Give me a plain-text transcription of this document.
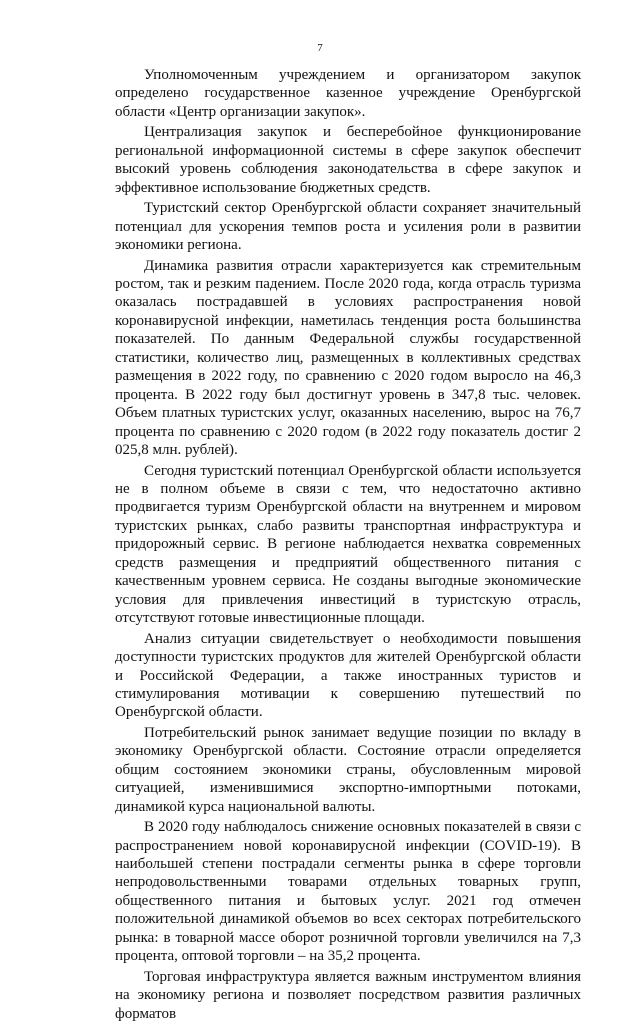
7

Уполномоченным учреждением и организатором закупок определено государственное казенное учреждение Оренбургской области «Центр организации закупок».

Централизация закупок и бесперебойное функционирование региональной информационной системы в сфере закупок обеспечит высокий уровень соблюдения законодательства в сфере закупок и эффективное использование бюджетных средств.

Туристский сектор Оренбургской области сохраняет значительный потенциал для ускорения темпов роста и усиления роли в развитии экономики региона.

Динамика развития отрасли характеризуется как стремительным ростом, так и резким падением. После 2020 года, когда отрасль туризма оказалась пострадавшей в условиях распространения новой коронавирусной инфекции, наметилась тенденция роста большинства показателей. По данным Федеральной службы государственной статистики, количество лиц, размещенных в коллективных средствах размещения в 2022 году, по сравнению с 2020 годом выросло на 46,3 процента. В 2022 году был достигнут уровень в 347,8 тыс. человек. Объем платных туристских услуг, оказанных населению, вырос на 76,7 процента по сравнению с 2020 годом (в 2022 году показатель достиг 2 025,8 млн. рублей).

Сегодня туристский потенциал Оренбургской области используется не в полном объеме в связи с тем, что недостаточно активно продвигается туризм Оренбургской области на внутреннем и мировом туристских рынках, слабо развиты транспортная инфраструктура и придорожный сервис. В регионе наблюдается нехватка современных средств размещения и предприятий общественного питания с качественным уровнем сервиса. Не созданы выгодные экономические условия для привлечения инвестиций в туристскую отрасль, отсутствуют готовые инвестиционные площади.

Анализ ситуации свидетельствует о необходимости повышения доступности туристских продуктов для жителей Оренбургской области и Российской Федерации, а также иностранных туристов и стимулирования мотивации к совершению путешествий по Оренбургской области.

Потребительский рынок занимает ведущие позиции по вкладу в экономику Оренбургской области. Состояние отрасли определяется общим состоянием экономики страны, обусловленным мировой ситуацией, изменившимися экспортно-импортными потоками, динамикой курса национальной валюты.

В 2020 году наблюдалось снижение основных показателей в связи с распространением новой коронавирусной инфекции (COVID-19). В наибольшей степени пострадали сегменты рынка в сфере торговли непродовольственными товарами отдельных товарных групп, общественного питания и бытовых услуг. 2021 год отмечен положительной динамикой объемов во всех секторах потребительского рынка: в товарной массе оборот розничной торговли увеличился на 7,3 процента, оптовой торговли – на 35,2 процента.

Торговая инфраструктура является важным инструментом влияния на экономику региона и позволяет посредством развития различных форматов
